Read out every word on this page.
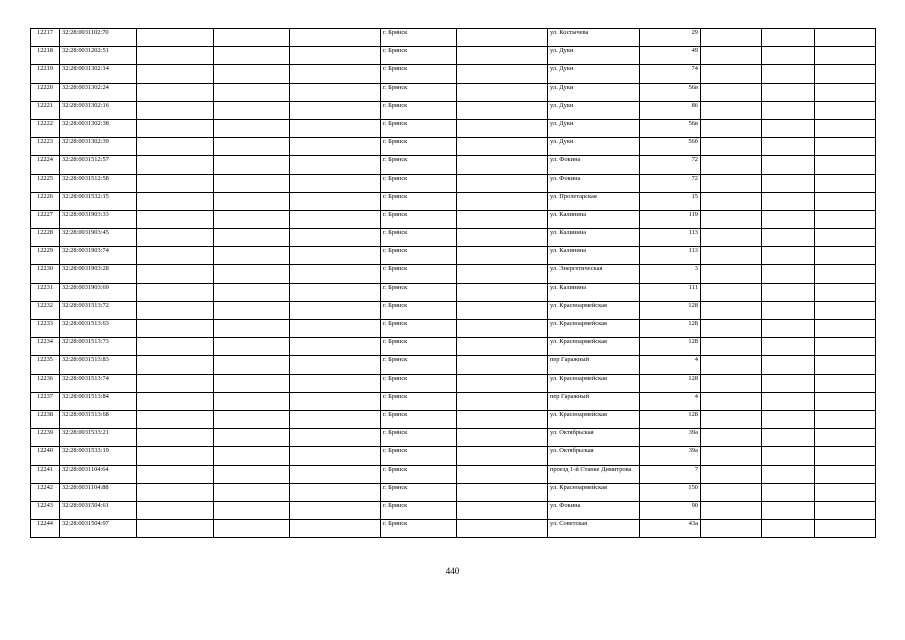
12217	32:28:0031102:70				г. Брянск		ул. Костычева	29			
12218	32:28:0031202:51				г. Брянск		ул. Дуки	49			
12219	32:28:0031302:14				г. Брянск		ул. Дуки	74			
12220	32:28:0031302:24				г. Брянск		ул. Дуки	56в			
12221	32:28:0031302:16				г. Брянск		ул. Дуки	86			
12222	32:28:0031302:38				г. Брянск		ул. Дуки	56в			
12223	32:28:0031302:39				г. Брянск		ул. Дуки	56б			
12224	32:28:0031512:57				г. Брянск		ул. Фокина	72			
12225	32:28:0031512:58				г. Брянск		ул. Фокина	72			
12226	32:28:0031532:15				г. Брянск		ул. Пролетарская	15			
12227	32:28:0031903:33				г. Брянск		ул. Калинина	119			
12228	32:28:0031903:45				г. Брянск		ул. Калинина	113			
12229	32:28:0031903:74				г. Брянск		ул. Калинина	113			
12230	32:28:0031903:28				г. Брянск		ул. Энергетическая	3			
12231	32:28:0031903:69				г. Брянск		ул. Калинина	111			
12232	32:28:0031513:72				г. Брянск		ул. Красноармейская	128			
12233	32:28:0031513:63				г. Брянск		ул. Красноармейская	128			
12234	32:28:0031513:73				г. Брянск		ул. Красноармейская	128			
12235	32:28:0031513:83				г. Брянск		пер Гаражный	4			
12236	32:28:0031513:74				г. Брянск		ул. Красноармейская	128			
12237	32:28:0031513:84				г. Брянск		пер Гаражный	4			
12238	32:28:0031513:68				г. Брянск		ул. Красноармейская	128			
12239	32:28:0031533:21				г. Брянск		ул. Октябрьская	39а			
12240	32:28:0031533:19				г. Брянск		ул. Октябрьская	39а			
12241	32:28:0031104:64				г. Брянск		проезд 1-й Станке Димитрова	7			
12242	32:28:0031104:88				г. Брянск		ул. Красноармейская	150			
12243	32:28:0031504:61				г. Брянск		ул. Фокина	90			
12244	32:28:0031504:97				г. Брянск		ул. Советская	43а			
440
